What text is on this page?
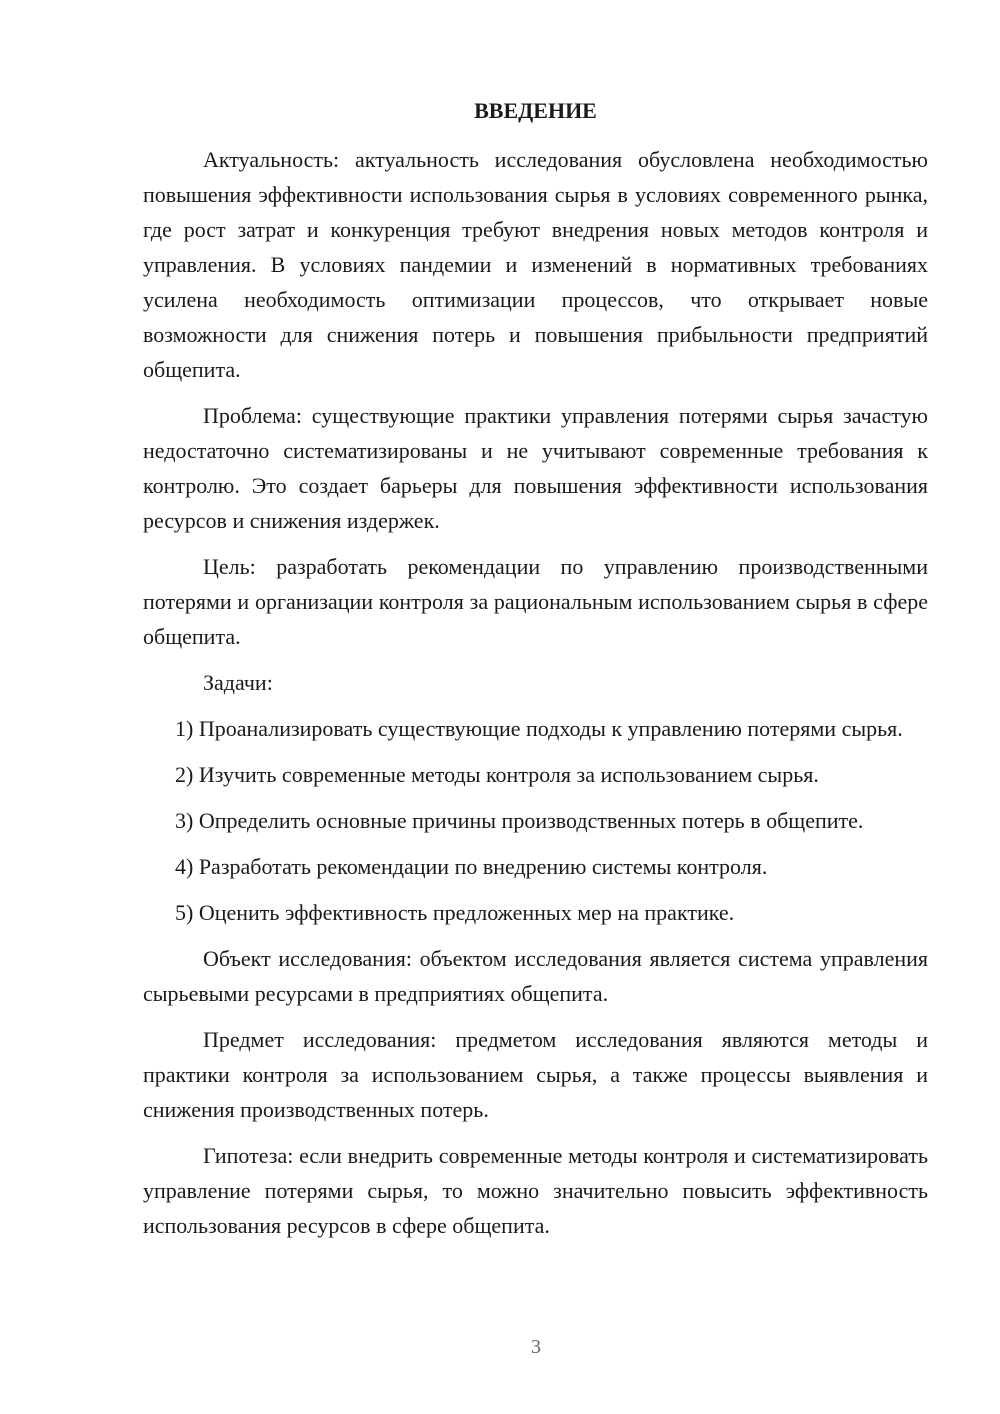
ВВЕДЕНИЕ

Актуальность: актуальность исследования обусловлена необходимостью повышения эффективности использования сырья в условиях современного рынка, где рост затрат и конкуренция требуют внедрения новых методов контроля и управления. В условиях пандемии и изменений в нормативных требованиях усилена необходимость оптимизации процессов, что открывает новые возможности для снижения потерь и повышения прибыльности предприятий общепита.

Проблема: существующие практики управления потерями сырья зачастую недостаточно систематизированы и не учитывают современные требования к контролю. Это создает барьеры для повышения эффективности использования ресурсов и снижения издержек.

Цель: разработать рекомендации по управлению производственными потерями и организации контроля за рациональным использованием сырья в сфере общепита.

Задачи:

1) Проанализировать существующие подходы к управлению потерями сырья.

2) Изучить современные методы контроля за использованием сырья.

3) Определить основные причины производственных потерь в общепите.

4) Разработать рекомендации по внедрению системы контроля.

5) Оценить эффективность предложенных мер на практике.

Объект исследования: объектом исследования является система управления сырьевыми ресурсами в предприятиях общепита.

Предмет исследования: предметом исследования являются методы и практики контроля за использованием сырья, а также процессы выявления и снижения производственных потерь.

Гипотеза: если внедрить современные методы контроля и систематизировать управление потерями сырья, то можно значительно повысить эффективность использования ресурсов в сфере общепита.

3
